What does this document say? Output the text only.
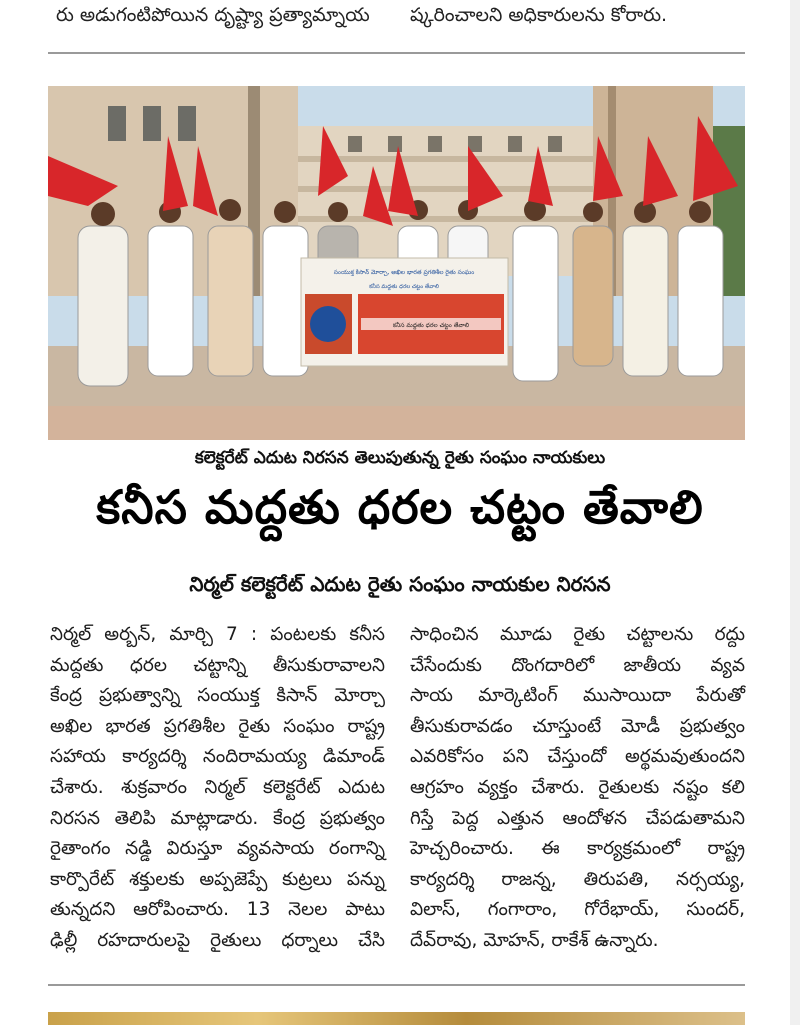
రు అడుగంటిపోయిన దృష్ట్యా ప్రత్యామ్నాయ ష్కరించాలని అధికారులను కోరారు.
సంయుక్త కిసాన్ మోర్చా, అఖిల భారత ప్రగతిశీల రైతు సంఘం
కనీస మద్దతు ధరల చట్టం తేవాలి
కనీస మద్దతు ధరల చట్టం తేవాలి
కలెక్టరేట్ ఎదుట నిరసన తెలుపుతున్న రైతు సంఘం నాయకులు
కనీస మద్దతు ధరల చట్టం తేవాలి
నిర్మల్ కలెక్టరేట్ ఎదుట రైతు సంఘం నాయకుల నిరసన
నిర్మల్ అర్బన్, మార్చి 7 : పంటలకు కనీస
మద్దతు ధరల చట్టాన్ని తీసుకురావాలని
కేంద్ర ప్రభుత్వాన్ని సంయుక్త కిసాన్ మోర్చా
అఖిల భారత ప్రగతిశీల రైతు సంఘం రాష్ట్ర
సహాయ కార్యదర్శి నందిరామయ్య డిమాండ్
చేశారు. శుక్రవారం నిర్మల్ కలెక్టరేట్ ఎదుట
నిరసన తెలిపి మాట్లాడారు. కేంద్ర ప్రభుత్వం
రైతాంగం నడ్డి విరుస్తూ వ్యవసాయ రంగాన్ని
కార్పొరేట్ శక్తులకు అప్పజెప్పే కుట్రలు పన్ను
తున్నదని ఆరోపించారు. 13 నెలల పాటు
ఢిల్లీ రహదారులపై రైతులు ధర్నాలు చేసి
సాధించిన మూడు రైతు చట్టాలను రద్దు
చేసేందుకు దొంగదారిలో జాతీయ వ్యవ
సాయ మార్కెటింగ్ ముసాయిదా పేరుతో
తీసుకురావడం చూస్తుంటే మోడీ ప్రభుత్వం
ఎవరికోసం పని చేస్తుందో అర్థమవుతుందని
ఆగ్రహం వ్యక్తం చేశారు. రైతులకు నష్టం కలి
గిస్తే పెద్ద ఎత్తున ఆందోళన చేపడుతామని
హెచ్చరించారు. ఈ కార్యక్రమంలో రాష్ట్ర
కార్యదర్శి రాజన్న, తిరుపతి, నర్సయ్య,
విలాస్, గంగారాం, గోరేభాయ్, సుందర్,
దేవ్‌రావు, మోహన్, రాకేశ్ ఉన్నారు.
